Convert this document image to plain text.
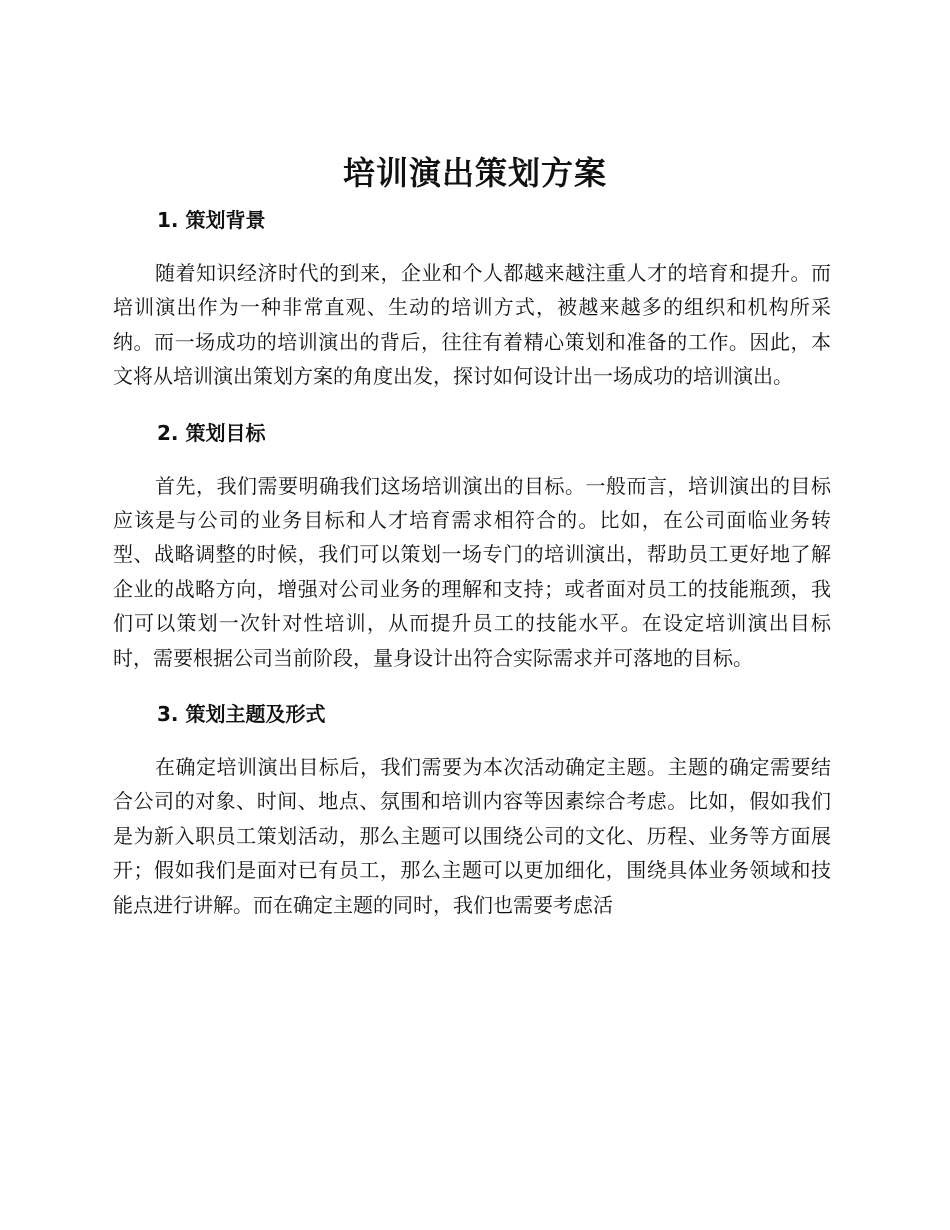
培训演出策划方案
1. 策划背景

随着知识经济时代的到来，企业和个人都越来越注重人才的培育和提升。而培训演出作为一种非常直观、生动的培训方式，被越来越多的组织和机构所采纳。而一场成功的培训演出的背后，往往有着精心策划和准备的工作。因此，本文将从培训演出策划方案的角度出发，探讨如何设计出一场成功的培训演出。

2. 策划目标

首先，我们需要明确我们这场培训演出的目标。一般而言，培训演出的目标应该是与公司的业务目标和人才培育需求相符合的。比如，在公司面临业务转型、战略调整的时候，我们可以策划一场专门的培训演出，帮助员工更好地了解企业的战略方向，增强对公司业务的理解和支持；或者面对员工的技能瓶颈，我们可以策划一次针对性培训，从而提升员工的技能水平。在设定培训演出目标时，需要根据公司当前阶段，量身设计出符合实际需求并可落地的目标。

3. 策划主题及形式

在确定培训演出目标后，我们需要为本次活动确定主题。主题的确定需要结合公司的对象、时间、地点、氛围和培训内容等因素综合考虑。比如，假如我们是为新入职员工策划活动，那么主题可以围绕公司的文化、历程、业务等方面展开；假如我们是面对已有员工，那么主题可以更加细化，围绕具体业务领域和技能点进行讲解。而在确定主题的同时，我们也需要考虑活
